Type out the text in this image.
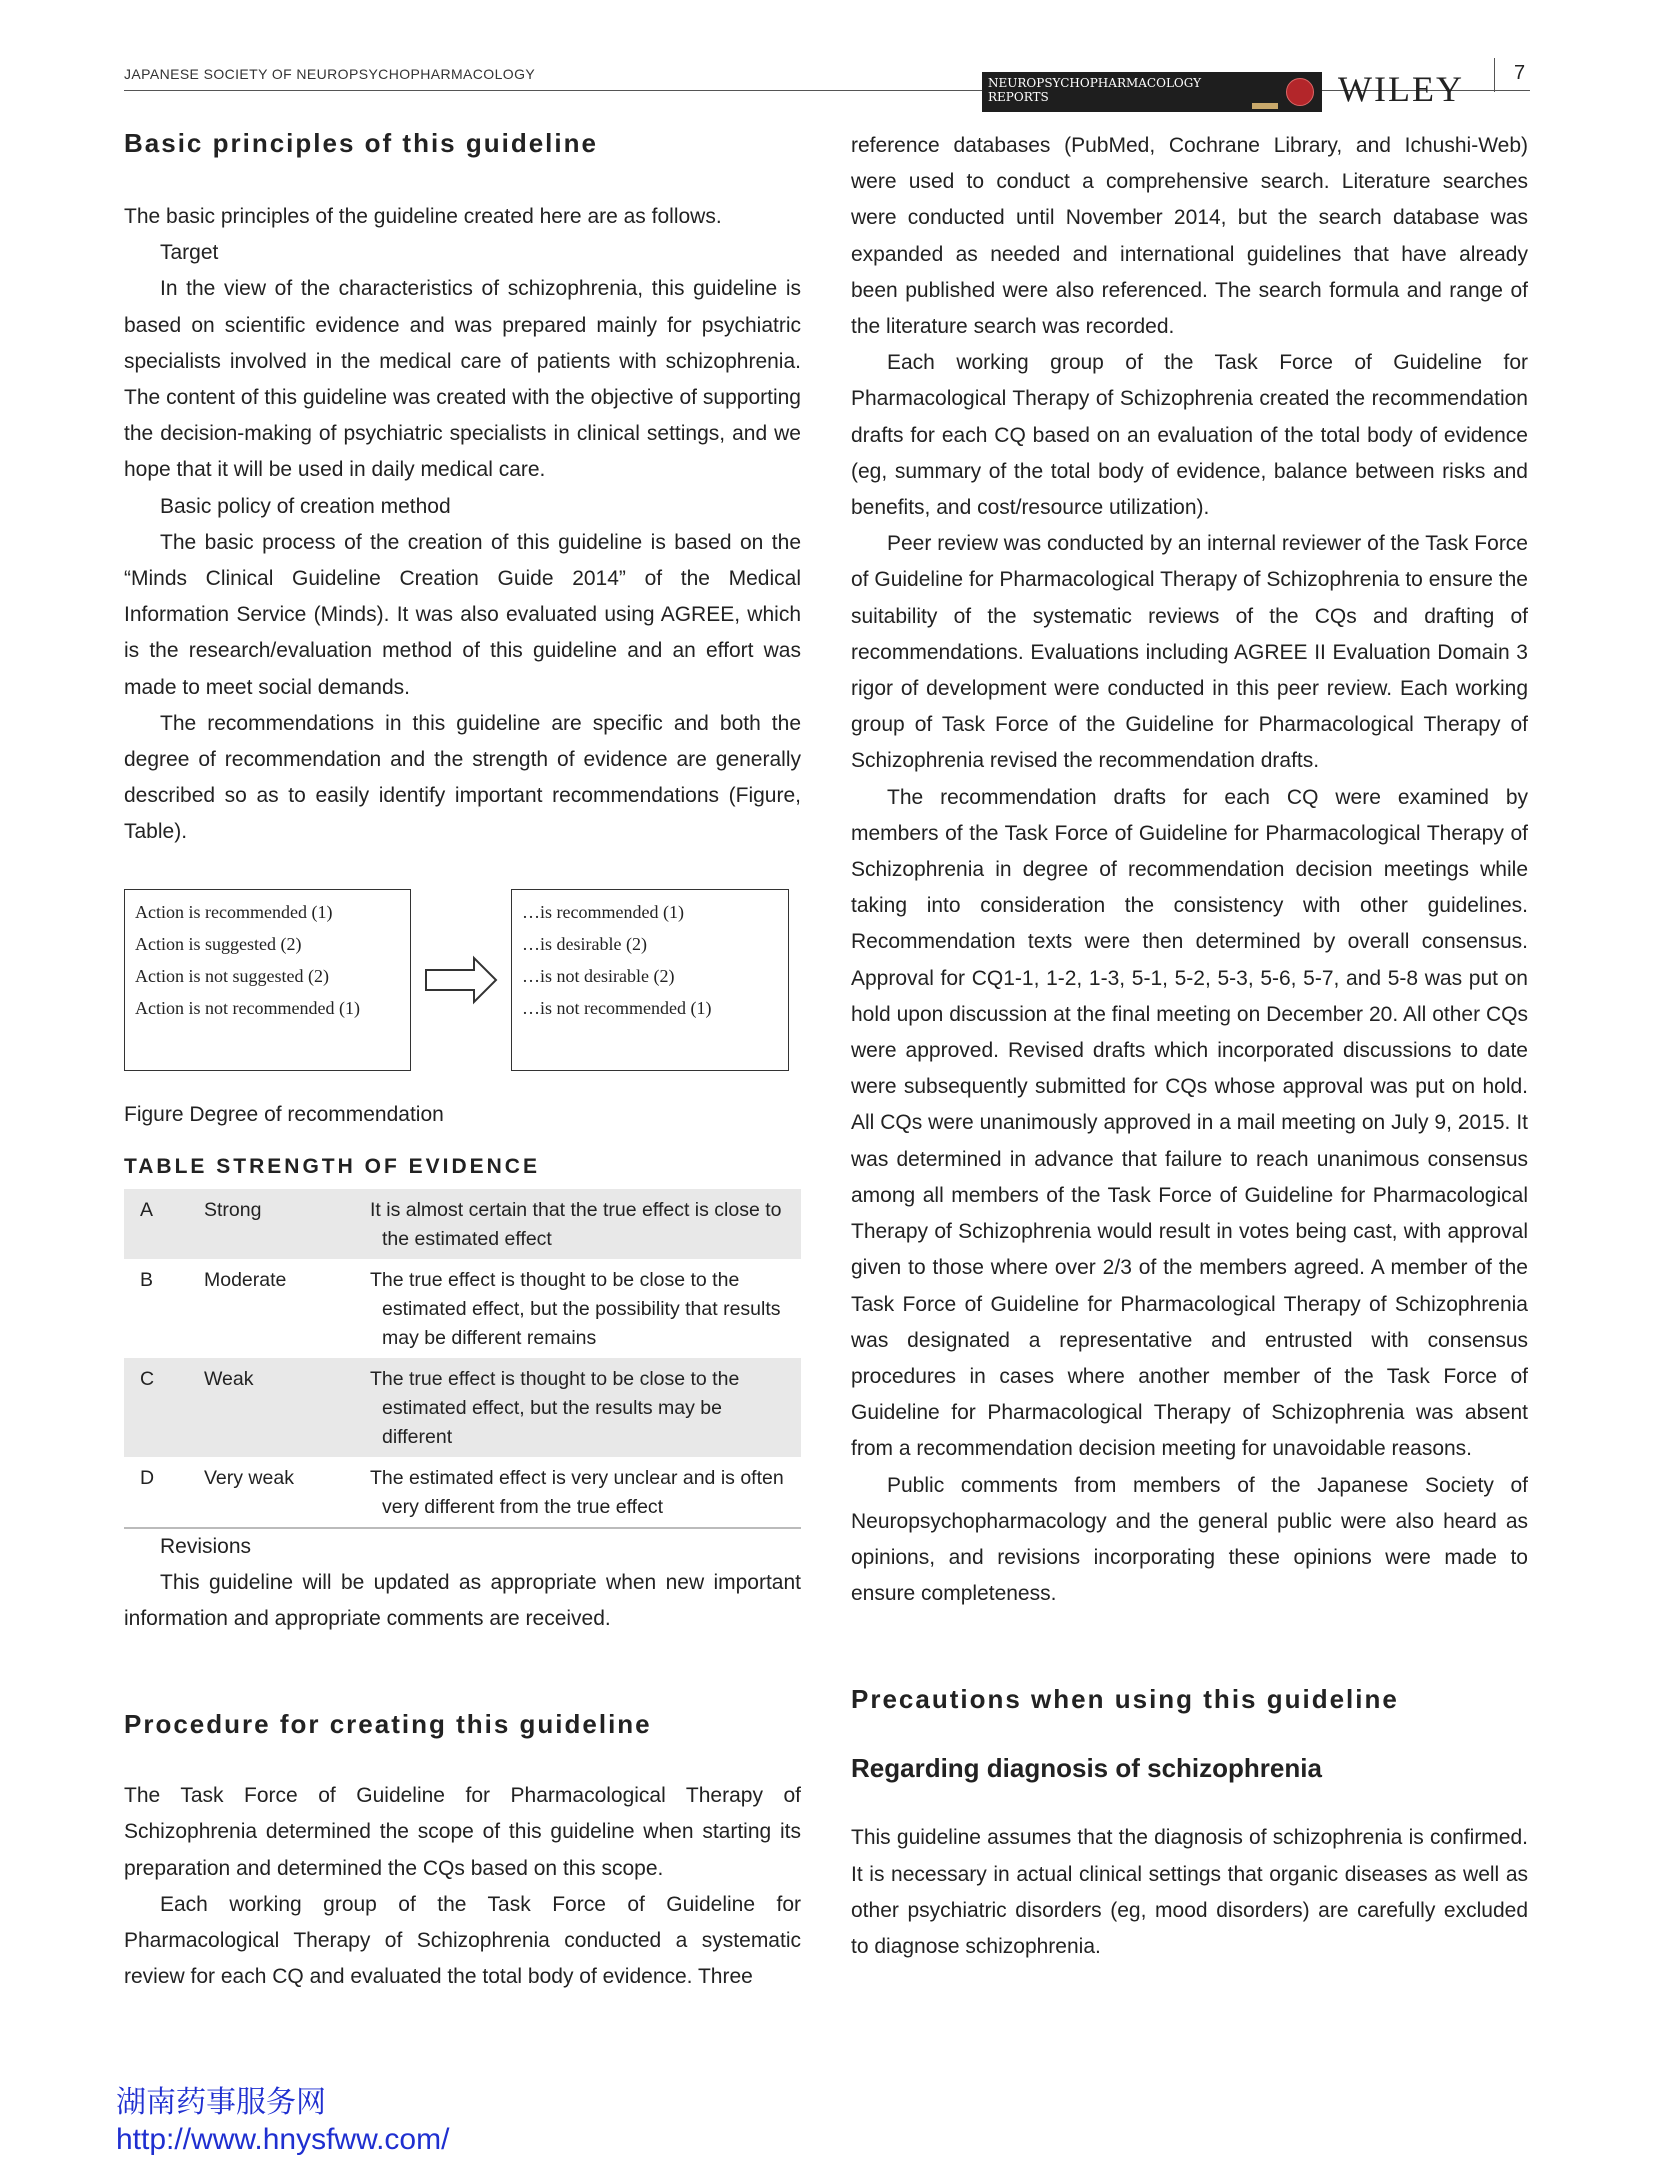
JAPANESE SOCIETY OF NEUROPSYCHOPHARMACOLOGY
NEUROPSYCHOPHARMACOLOGY
REPORTS	WILEY	7
Basic principles of this guideline

The basic principles of the guideline created here are as follows.

Target

In the view of the characteristics of schizophrenia, this guideline is based on scientific evidence and was prepared mainly for psychiatric specialists involved in the medical care of patients with schizophrenia. The content of this guideline was created with the objective of supporting the decision-making of psychiatric specialists in clinical settings, and we hope that it will be used in daily medical care.

Basic policy of creation method

The basic process of the creation of this guideline is based on the “Minds Clinical Guideline Creation Guide 2014” of the Medical Information Service (Minds). It was also evaluated using AGREE, which is the research/evaluation method of this guideline and an effort was made to meet social demands.

The recommendations in this guideline are specific and both the degree of recommendation and the strength of evidence are generally described so as to easily identify important recommendations (Figure, Table).

Action is recommended (1)
Action is suggested (2)
Action is not suggested (2)
Action is not recommended (1)
…is recommended (1)
…is desirable (2)
…is not desirable (2)
…is not recommended (1)
Figure Degree of recommendation
TABLE STRENGTH OF EVIDENCE
A	Strong	It is almost certain that the true effect is close to the estimated effect

B	Moderate	The true effect is thought to be close to the estimated effect, but the possibility that results may be different remains

C	Weak	The true effect is thought to be close to the estimated effect, but the results may be different

D	Very weak	The estimated effect is very unclear and is often very different from the true effect
Revisions

This guideline will be updated as appropriate when new important information and appropriate comments are received.

Procedure for creating this guideline

The Task Force of Guideline for Pharmacological Therapy of Schizophrenia determined the scope of this guideline when starting its preparation and determined the CQs based on this scope.

Each working group of the Task Force of Guideline for Pharmacological Therapy of Schizophrenia conducted a systematic review for each CQ and evaluated the total body of evidence. Three

reference databases (PubMed, Cochrane Library, and Ichushi-Web) were used to conduct a comprehensive search. Literature searches were conducted until November 2014, but the search database was expanded as needed and international guidelines that have already been published were also referenced. The search formula and range of the literature search was recorded.

Each working group of the Task Force of Guideline for Pharmacological Therapy of Schizophrenia created the recommendation drafts for each CQ based on an evaluation of the total body of evidence (eg, summary of the total body of evidence, balance between risks and benefits, and cost/resource utilization).

Peer review was conducted by an internal reviewer of the Task Force of Guideline for Pharmacological Therapy of Schizophrenia to ensure the suitability of the systematic reviews of the CQs and drafting of recommendations. Evaluations including AGREE II Evaluation Domain 3 rigor of development were conducted in this peer review. Each working group of Task Force of the Guideline for Pharmacological Therapy of Schizophrenia revised the recommendation drafts.

The recommendation drafts for each CQ were examined by members of the Task Force of Guideline for Pharmacological Therapy of Schizophrenia in degree of recommendation decision meetings while taking into consideration the consistency with other guidelines. Recommendation texts were then determined by overall consensus. Approval for CQ1-1, 1-2, 1-3, 5-1, 5-2, 5-3, 5-6, 5-7, and 5-8 was put on hold upon discussion at the final meeting on December 20. All other CQs were approved. Revised drafts which incorporated discussions to date were subsequently submitted for CQs whose approval was put on hold. All CQs were unanimously approved in a mail meeting on July 9, 2015. It was determined in advance that failure to reach unanimous consensus among all members of the Task Force of Guideline for Pharmacological Therapy of Schizophrenia would result in votes being cast, with approval given to those where over 2/3 of the members agreed. A member of the Task Force of Guideline for Pharmacological Therapy of Schizophrenia was designated a representative and entrusted with consensus procedures in cases where another member of the Task Force of Guideline for Pharmacological Therapy of Schizophrenia was absent from a recommendation decision meeting for unavoidable reasons.

Public comments from members of the Japanese Society of Neuropsychopharmacology and the general public were also heard as opinions, and revisions incorporating these opinions were made to ensure completeness.

Precautions when using this guideline
Regarding diagnosis of schizophrenia

This guideline assumes that the diagnosis of schizophrenia is confirmed. It is necessary in actual clinical settings that organic diseases as well as other psychiatric disorders (eg, mood disorders) are carefully excluded to diagnose schizophrenia.

湖南药事服务网
http://www.hnysfww.com/
